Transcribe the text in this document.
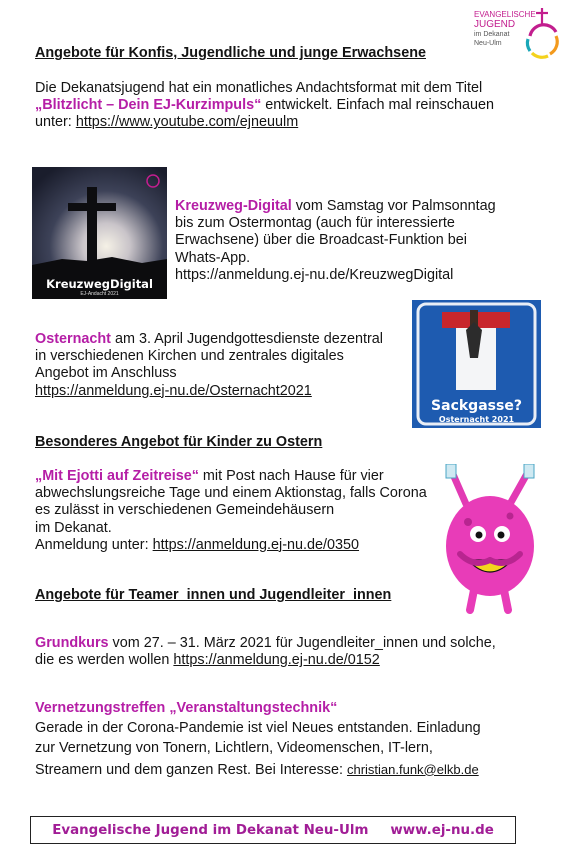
EVANGELISCHE
JUGEND
im Dekanat
Neu-Ulm
Angebote für Konfis, Jugendliche und junge Erwachsene
Die Dekanatsjugend hat ein monatliches Andachtsformat mit dem Titel
„Blitzlicht – Dein EJ-Kurzimpuls“ entwickelt. Einfach mal reinschauen
unter: https://www.youtube.com/ejneuulm
KreuzwegDigital
EJ-Andacht 2021
Kreuzweg-Digital vom Samstag vor Palmsonntag
bis zum Ostermontag (auch für interessierte
Erwachsene) über die Broadcast-Funktion bei
Whats-App.
https://anmeldung.ej-nu.de/KreuzwegDigital
Osternacht am 3. April Jugendgottesdienste dezentral
in verschiedenen Kirchen und zentrales digitales
Angebot im Anschluss
https://anmeldung.ej-nu.de/Osternacht2021
Sackgasse?
Osternacht 2021
Besonderes Angebot für Kinder zu Ostern
„Mit Ejotti auf Zeitreise“ mit Post nach Hause für vier
abwechslungsreiche Tage und einem Aktionstag, falls Corona
es zulässt in verschiedenen Gemeindehäusern
im Dekanat.
Anmeldung unter: https://anmeldung.ej-nu.de/0350
Angebote für Teamer_innen und Jugendleiter_innen
Grundkurs vom 27. – 31. März 2021 für Jugendleiter_innen und solche,
die es werden wollen https://anmeldung.ej-nu.de/0152
Vernetzungstreffen „Veranstaltungstechnik“
Gerade in der Corona-Pandemie ist viel Neues entstanden. Einladung
zur Vernetzung von Tonern, Lichtlern, Videomenschen, IT-lern,
Streamern und dem ganzen Rest. Bei Interesse: christian.funk@elkb.de
Evangelische Jugend im Dekanat Neu-Ulm www.ej-nu.de
